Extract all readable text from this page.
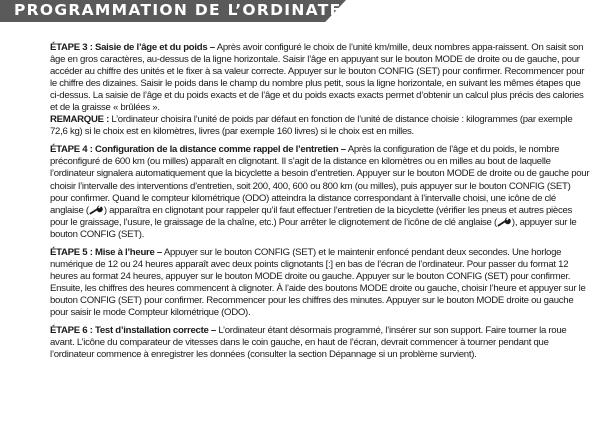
PROGRAMMATION DE L’ORDINATEUR

ÉTAPE 3 : Saisie de l’âge et du poids – Après avoir configuré le choix de l’unité km/mille, deux nombres appa-raissent. On saisit son âge en gros caractères, au-dessus de la ligne horizontale. Saisir l’âge en appuyant sur le bouton MODE de droite ou de gauche, pour accéder au chiffre des unités et le fixer à sa valeur correcte. Appuyer sur le bouton CONFIG (SET) pour confirmer. Recommencer pour le chiffre des dizaines. Saisir le poids dans le champ du nombre plus petit, sous la ligne horizontale, en suivant les mêmes étapes que ci-dessus. La saisie de l’âge et du poids exacts et de l’âge et du poids exacts exacts permet d’obtenir un calcul plus précis des calories et de la graisse « brûlées ».

REMARQUE : L’ordinateur choisira l’unité de poids par défaut en fonction de l’unité de distance choisie : kilogrammes (par exemple 72,6 kg) si le choix est en kilomètres, livres (par exemple 160 livres) si le choix est en milles.

ÉTAPE 4 : Configuration de la distance comme rappel de l’entretien – Après la configuration de l’âge et du poids, le nombre préconfiguré de 600 km (ou milles) apparaît en clignotant. Il s’agit de la distance en kilomètres ou en milles au bout de laquelle l’ordinateur signalera automatiquement que la bicyclette a besoin d’entretien. Appuyer sur le bouton MODE de droite ou de gauche pour choisir l’intervalle des interventions d’entretien, soit 200, 400, 600 ou 800 km (ou milles), puis appuyer sur le bouton CONFIG (SET) pour confirmer. Quand le compteur kilométrique (ODO) atteindra la distance correspondant à l’intervalle choisi, une icône de clé anglaise ( ) apparaîtra en clignotant pour rappeler qu’il faut effectuer l’entretien de la bicyclette (vérifier les pneus et autres pièces pour le graissage, l’usure, le graissage de la chaîne, etc.) Pour arrêter le clignotement de l’icône de clé anglaise ( ), appuyer sur le bouton CONFIG (SET).

ÉTAPE 5 : Mise à l’heure – Appuyer sur le bouton CONFIG (SET) et le maintenir enfoncé pendant deux secondes. Une horloge numérique de 12 ou 24 heures apparaît avec deux points clignotants [:] en bas de l’écran de l’ordinateur. Pour passer du format 12 heures au format 24 heures, appuyer sur le bouton MODE droite ou gauche. Appuyer sur le bouton CONFIG (SET) pour confirmer. Ensuite, les chiffres des heures commencent à clignoter. À l’aide des boutons MODE droite ou gauche, choisir l’heure et appuyer sur le bouton CONFIG (SET) pour confirmer. Recommencer pour les chiffres des minutes. Appuyer sur le bouton MODE droite ou gauche pour saisir le mode Compteur kilométrique (ODO).

ÉTAPE 6 : Test d’installation correcte – L’ordinateur étant désormais programmé, l’insérer sur son support. Faire tourner la roue avant. L’icône du comparateur de vitesses dans le coin gauche, en haut de l’écran, devrait commencer à tourner pendant que l’ordinateur commence à enregistrer les données (consulter la section Dépannage si un problème survient).
